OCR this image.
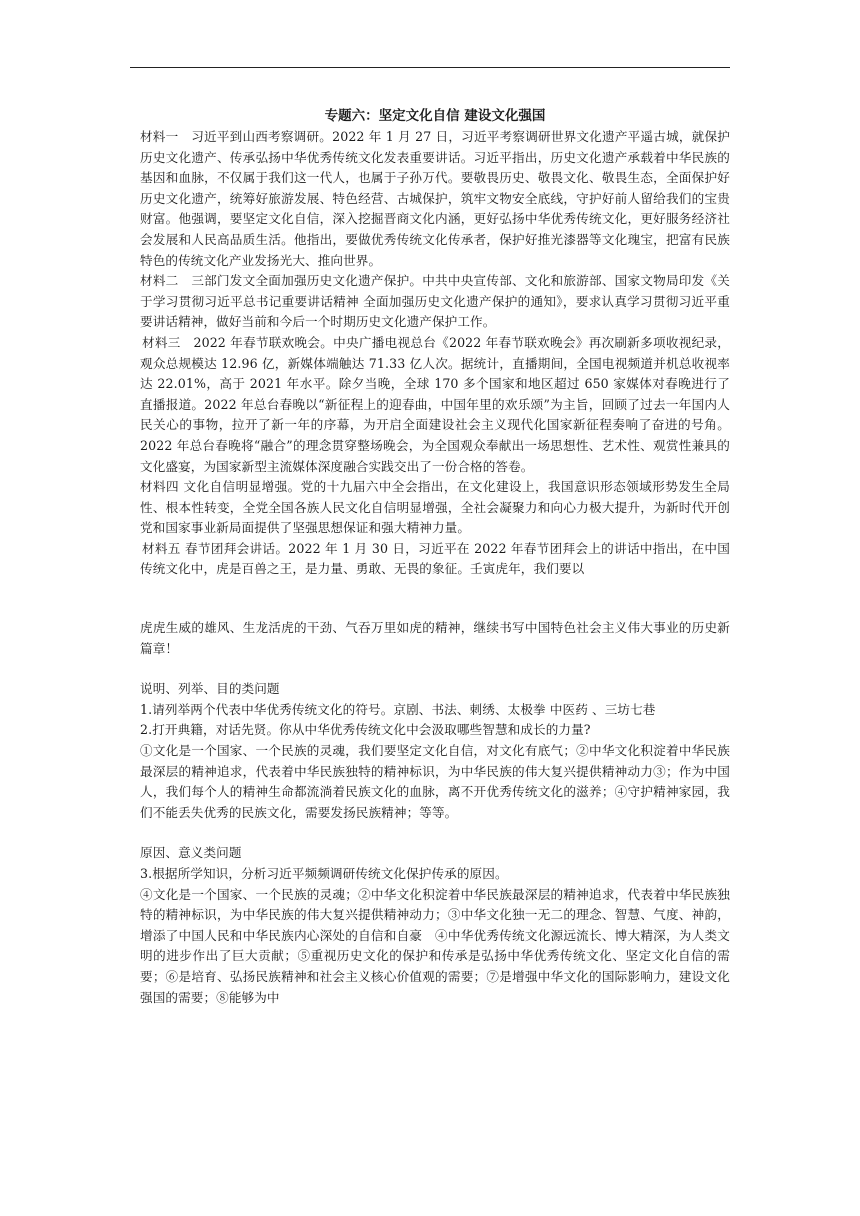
专题六：坚定文化自信 建设文化强国

材料一　习近平到山西考察调研。2022 年 1 月 27 日，习近平考察调研世界文化遗产平遥古城，就保护历史文化遗产、传承弘扬中华优秀传统文化发表重要讲话。习近平指出，历史文化遗产承载着中华民族的基因和血脉，不仅属于我们这一代人，也属于子孙万代。要敬畏历史、敬畏文化、敬畏生态，全面保护好历史文化遗产，统筹好旅游发展、特色经营、古城保护，筑牢文物安全底线，守护好前人留给我们的宝贵财富。他强调，要坚定文化自信，深入挖掘晋商文化内涵，更好弘扬中华优秀传统文化，更好服务经济社会发展和人民高品质生活。他指出，要做优秀传统文化传承者，保护好推光漆器等文化瑰宝，把富有民族特色的传统文化产业发扬光大、推向世界。

材料二　三部门发文全面加强历史文化遗产保护。中共中央宣传部、文化和旅游部、国家文物局印发《关于学习贯彻习近平总书记重要讲话精神 全面加强历史文化遗产保护的通知》，要求认真学习贯彻习近平重要讲话精神，做好当前和今后一个时期历史文化遗产保护工作。

材料三　2022 年春节联欢晚会。中央广播电视总台《2022 年春节联欢晚会》再次刷新多项收视纪录，观众总规模达 12.96 亿，新媒体端触达 71.33 亿人次。据统计，直播期间，全国电视频道并机总收视率达 22.01%，高于 2021 年水平。除夕当晚，全球 170 多个国家和地区超过 650 家媒体对春晚进行了直播报道。2022 年总台春晚以“新征程上的迎春曲，中国年里的欢乐颂”为主旨，回顾了过去一年国内人民关心的事物，拉开了新一年的序幕，为开启全面建设社会主义现代化国家新征程奏响了奋进的号角。2022 年总台春晚将“融合”的理念贯穿整场晚会，为全国观众奉献出一场思想性、艺术性、观赏性兼具的文化盛宴，为国家新型主流媒体深度融合实践交出了一份合格的答卷。

材料四 文化自信明显增强。党的十九届六中全会指出，在文化建设上，我国意识形态领域形势发生全局性、根本性转变，全党全国各族人民文化自信明显增强，全社会凝聚力和向心力极大提升，为新时代开创党和国家事业新局面提供了坚强思想保证和强大精神力量。

材料五 春节团拜会讲话。2022 年 1 月 30 日，习近平在 2022 年春节团拜会上的讲话中指出，在中国传统文化中，虎是百兽之王，是力量、勇敢、无畏的象征。壬寅虎年，我们要以

虎虎生威的雄风、生龙活虎的干劲、气吞万里如虎的精神，继续书写中国特色社会主义伟大事业的历史新篇章！

说明、列举、目的类问题

1.请列举两个代表中华优秀传统文化的符号。京剧、书法、刺绣、太极拳 中医药 、三坊七巷

2.打开典籍，对话先贤。你从中华优秀传统文化中会汲取哪些智慧和成长的力量?

①文化是一个国家、一个民族的灵魂，我们要坚定文化自信，对文化有底气；②中华文化积淀着中华民族最深层的精神追求，代表着中华民族独特的精神标识，为中华民族的伟大复兴提供精神动力③；作为中国人，我们每个人的精神生命都流淌着民族文化的血脉，离不开优秀传统文化的滋养；④守护精神家园，我们不能丢失优秀的民族文化，需要发扬民族精神；等等。

原因、意义类问题

3.根据所学知识，分析习近平频频调研传统文化保护传承的原因。

④文化是一个国家、一个民族的灵魂；②中华文化积淀着中华民族最深层的精神追求，代表着中华民族独特的精神标识，为中华民族的伟大复兴提供精神动力；③中华文化独一无二的理念、智慧、气度、神韵，增添了中国人民和中华民族内心深处的自信和自豪　④中华优秀传统文化源远流长、博大精深，为人类文明的进步作出了巨大贡献；⑤重视历史文化的保护和传承是弘扬中华优秀传统文化、坚定文化自信的需要；⑥是培育、弘扬民族精神和社会主义核心价值观的需要；⑦是增强中华文化的国际影响力，建设文化强国的需要；⑧能够为中
